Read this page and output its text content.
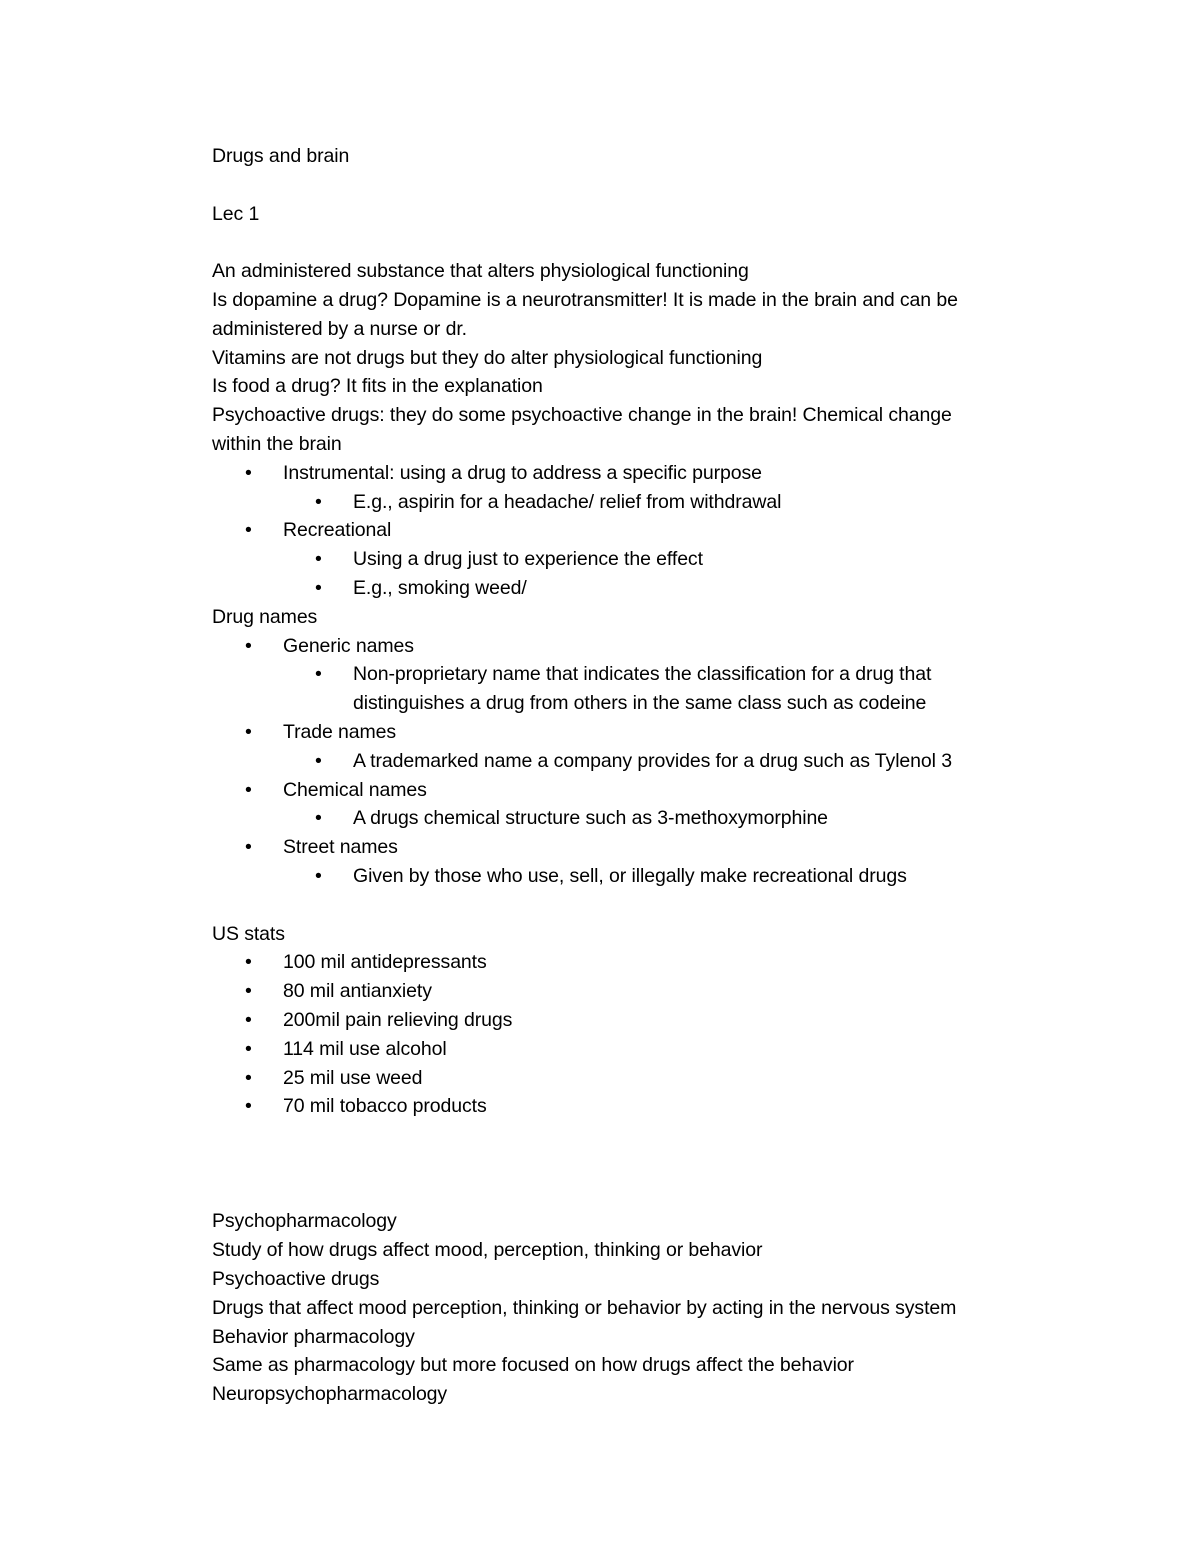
Drugs and brain
Lec 1
An administered substance that alters physiological functioning
Is dopamine a drug? Dopamine is a neurotransmitter! It is made in the brain and can be
administered by a nurse or dr.
Vitamins are not drugs but they do alter physiological functioning
Is food a drug? It fits in the explanation
Psychoactive drugs: they do some psychoactive change in the brain! Chemical change
within the brain
• Instrumental: using a drug to address a specific purpose
• E.g., aspirin for a headache/ relief from withdrawal
• Recreational
• Using a drug just to experience the effect
• E.g., smoking weed/
Drug names
• Generic names
• Non-proprietary name that indicates the classification for a drug that
distinguishes a drug from others in the same class such as codeine
• Trade names
• A trademarked name a company provides for a drug such as Tylenol 3
• Chemical names
• A drugs chemical structure such as 3-methoxymorphine
• Street names
• Given by those who use, sell, or illegally make recreational drugs
US stats
• 100 mil antidepressants
• 80 mil antianxiety
• 200mil pain relieving drugs
• 114 mil use alcohol
• 25 mil use weed
• 70 mil tobacco products
Psychopharmacology
Study of how drugs affect mood, perception, thinking or behavior
Psychoactive drugs
Drugs that affect mood perception, thinking or behavior by acting in the nervous system
Behavior pharmacology
Same as pharmacology but more focused on how drugs affect the behavior
Neuropsychopharmacology
